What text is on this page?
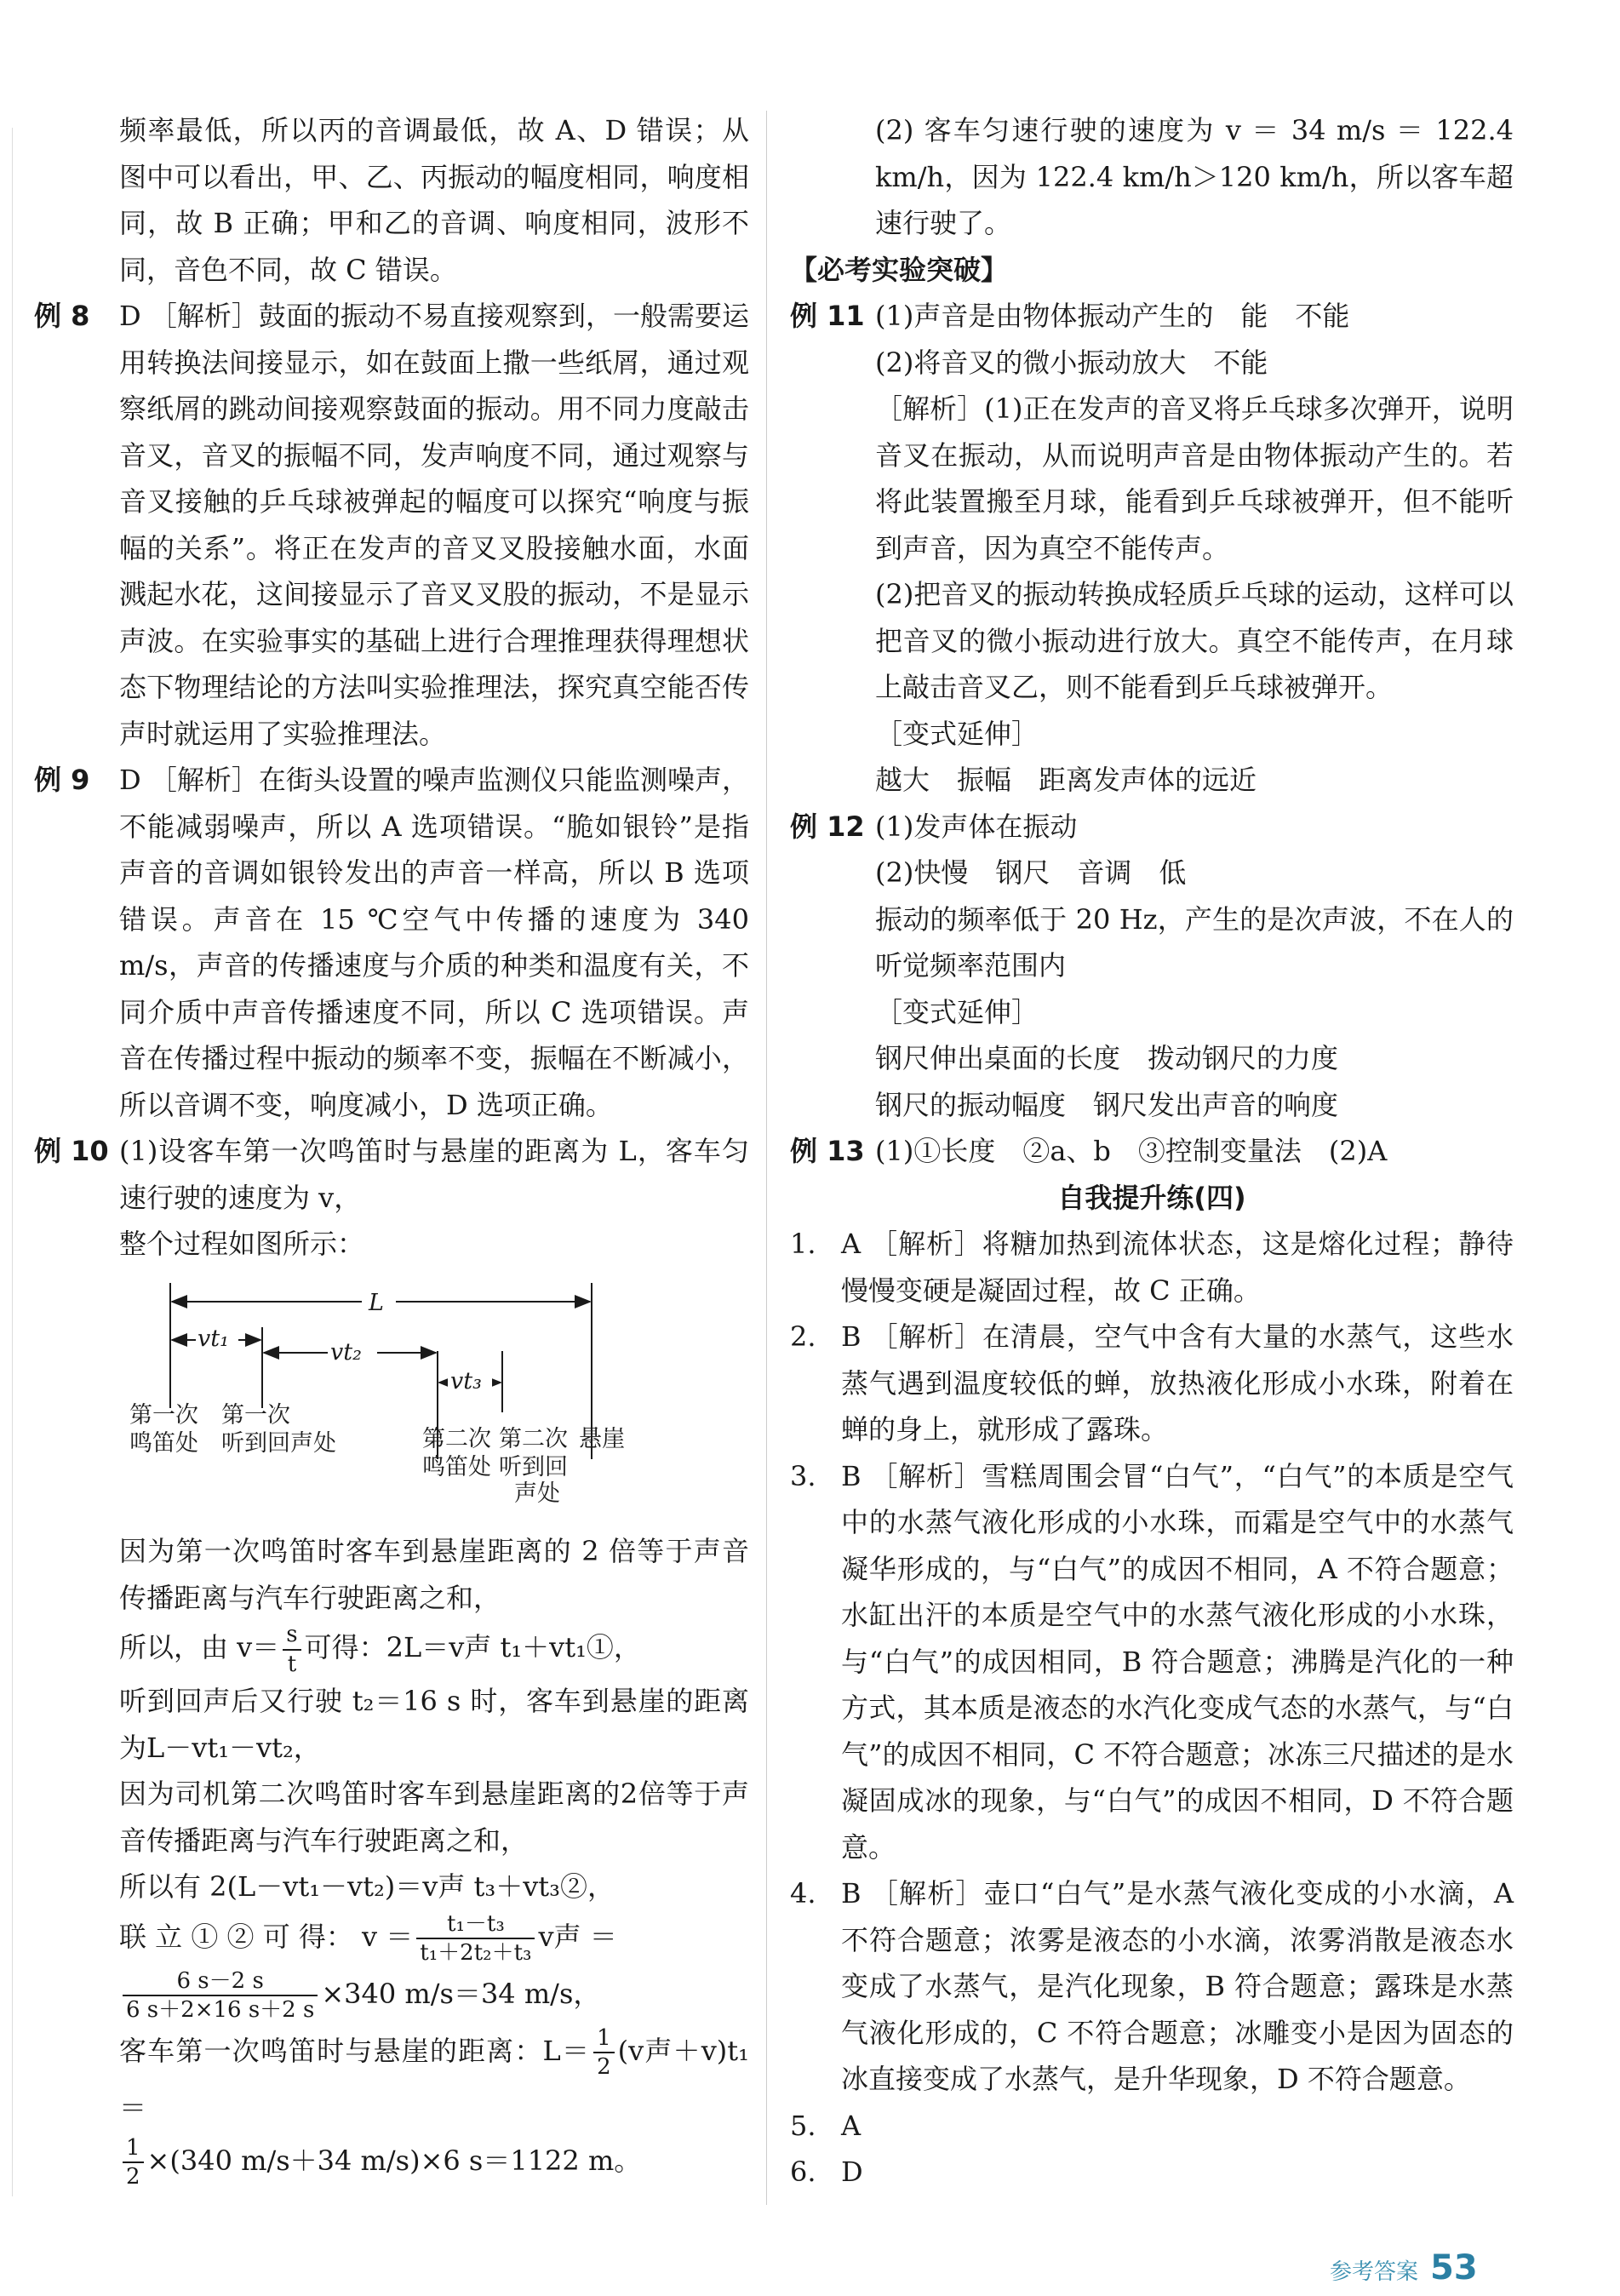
频率最低，所以丙的音调最低，故 A、D 错误；从图中可以看出，甲、乙、丙振动的幅度相同，响度相同，故 B 正确；甲和乙的音调、响度相同，波形不同，音色不同，故 C 错误。

例 8	D ［解析］鼓面的振动不易直接观察到，一般需要运用转换法间接显示，如在鼓面上撒一些纸屑，通过观察纸屑的跳动间接观察鼓面的振动。用不同力度敲击音叉，音叉的振幅不同，发声响度不同，通过观察与音叉接触的乒乓球被弹起的幅度可以探究“响度与振幅的关系”。将正在发声的音叉叉股接触水面，水面溅起水花，这间接显示了音叉叉股的振动，不是显示声波。在实验事实的基础上进行合理推理获得理想状态下物理结论的方法叫实验推理法，探究真空能否传声时就运用了实验推理法。

例 9	D ［解析］在街头设置的噪声监测仪只能监测噪声，不能减弱噪声，所以 A 选项错误。“脆如银铃”是指声音的音调如银铃发出的声音一样高，所以 B 选项错误。声音在 15 ℃空气中传播的速度为 340 m/s，声音的传播速度与介质的种类和温度有关，不同介质中声音传播速度不同，所以 C 选项错误。声音在传播过程中振动的频率不变，振幅在不断减小，所以音调不变，响度减小，D 选项正确。

例 10 (1)设客车第一次鸣笛时与悬崖的距离为 L，客车匀速行驶的速度为 v，

整个过程如图所示：

L
vt₁
vt₂
vt₃
第一次
鸣笛处
第一次
听到回声处	第二次
鸣笛处
第二次
听到回
声处
悬崖

因为第一次鸣笛时客车到悬崖距离的 2 倍等于声音传播距离与汽车行驶距离之和，

所以，由 $v= \frac{s}{t}$ 可得：2L＝v声 t₁＋vt₁①，

听到回声后又行驶 t₂＝16 s 时，客车到悬崖的距离为L－vt₁－vt₂，

因为司机第二次鸣笛时客车到悬崖距离的2倍等于声音传播距离与汽车行驶距离之和，

所以有 2(L－vt₁－vt₂)＝v声 t₃＋vt₃②，

联 立 ① ② 可 得： $v = \frac{\text{t₁－t₃}}{\text{t₁＋2t₂＋t₃}}$ v声 ＝

$\frac{6 s-2 s}{6 s+2\times 16 s+2 s} \times 340$ m/s＝34 m/s，

客车第一次鸣笛时与悬崖的距离：$L= \frac{1}{2} (v$声＋v)t₁＝

$\frac{1}{2} \times(340$ m/s＋34 m/s)×6 s＝1122 m。

(2) 客车匀速行驶的速度为 v ＝ 34 m/s ＝ 122.4 km/h，因为 122.4 km/h＞120 km/h，所以客车超速行驶了。

【必考实验突破】

例 11 (1)声音是由物体振动产生的　能　不能

(2)将音叉的微小振动放大　不能

［解析］(1)正在发声的音叉将乒乓球多次弹开，说明音叉在振动，从而说明声音是由物体振动产生的。若将此装置搬至月球，能看到乒乓球被弹开，但不能听到声音，因为真空不能传声。

(2)把音叉的振动转换成轻质乒乓球的运动，这样可以把音叉的微小振动进行放大。真空不能传声，在月球上敲击音叉乙，则不能看到乒乓球被弹开。

［变式延伸］

越大　振幅　距离发声体的远近

例 12 (1)发声体在振动

(2)快慢　钢尺　音调　低

振动的频率低于 20 Hz，产生的是次声波，不在人的听觉频率范围内

［变式延伸］

钢尺伸出桌面的长度　拨动钢尺的力度

钢尺的振动幅度　钢尺发出声音的响度

例 13 (1)①长度　②a、b　③控制变量法　(2)A

自我提升练(四)

1. A ［解析］将糖加热到流体状态，这是熔化过程；静待慢慢变硬是凝固过程，故 C 正确。

2. B ［解析］在清晨，空气中含有大量的水蒸气，这些水蒸气遇到温度较低的蝉，放热液化形成小水珠，附着在蝉的身上，就形成了露珠。

3. B ［解析］雪糕周围会冒“白气”，“白气”的本质是空气中的水蒸气液化形成的小水珠，而霜是空气中的水蒸气凝华形成的，与“白气”的成因不相同，A 不符合题意；水缸出汗的本质是空气中的水蒸气液化形成的小水珠，与“白气”的成因相同，B 符合题意；沸腾是汽化的一种方式，其本质是液态的水汽化变成气态的水蒸气，与“白气”的成因不相同，C 不符合题意；冰冻三尺描述的是水凝固成冰的现象，与“白气”的成因不相同，D 不符合题意。

4. B ［解析］壶口“白气”是水蒸气液化变成的小水滴，A 不符合题意；浓雾是液态的小水滴，浓雾消散是液态水变成了水蒸气，是汽化现象，B 符合题意；露珠是水蒸气液化形成的，C 不符合题意；冰雕变小是因为固态的冰直接变成了水蒸气，是升华现象，D 不符合题意。

5. A

6. D

参考答案 53
